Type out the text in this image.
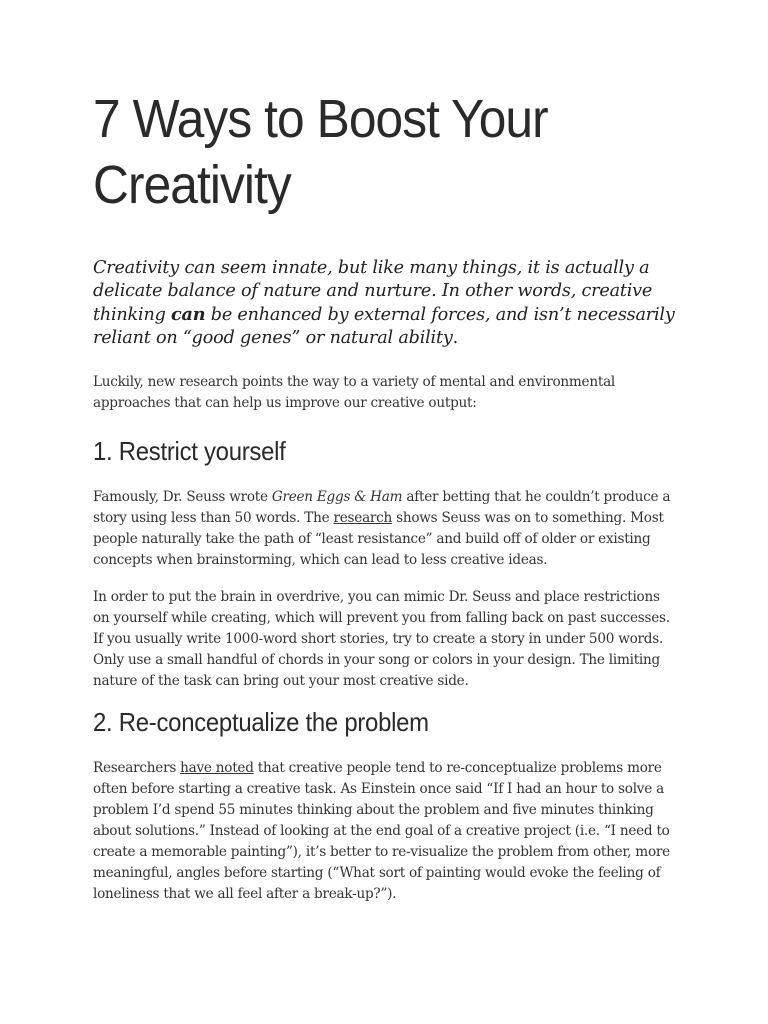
7 Ways to Boost Your Creativity

Creativity can seem innate, but like many things, it is actually a delicate balance of nature and nurture. In other words, creative thinking can be enhanced by external forces, and isn’t necessarily reliant on “good genes” or natural ability.

Luckily, new research points the way to a variety of mental and environmental approaches that can help us improve our creative output:

1. Restrict yourself

Famously, Dr. Seuss wrote Green Eggs & Ham after betting that he couldn’t produce a story using less than 50 words. The research shows Seuss was on to something. Most people naturally take the path of “least resistance” and build off of older or existing concepts when brainstorming, which can lead to less creative ideas.

In order to put the brain in overdrive, you can mimic Dr. Seuss and place restrictions on yourself while creating, which will prevent you from falling back on past successes. If you usually write 1000-word short stories, try to create a story in under 500 words. Only use a small handful of chords in your song or colors in your design. The limiting nature of the task can bring out your most creative side.

2. Re-conceptualize the problem

Researchers have noted that creative people tend to re-conceptualize problems more often before starting a creative task. As Einstein once said “If I had an hour to solve a problem I’d spend 55 minutes thinking about the problem and five minutes thinking about solutions.” Instead of looking at the end goal of a creative project (i.e. “I need to create a memorable painting”), it’s better to re-visualize the problem from other, more meaningful, angles before starting (“What sort of painting would evoke the feeling of loneliness that we all feel after a break-up?”).
